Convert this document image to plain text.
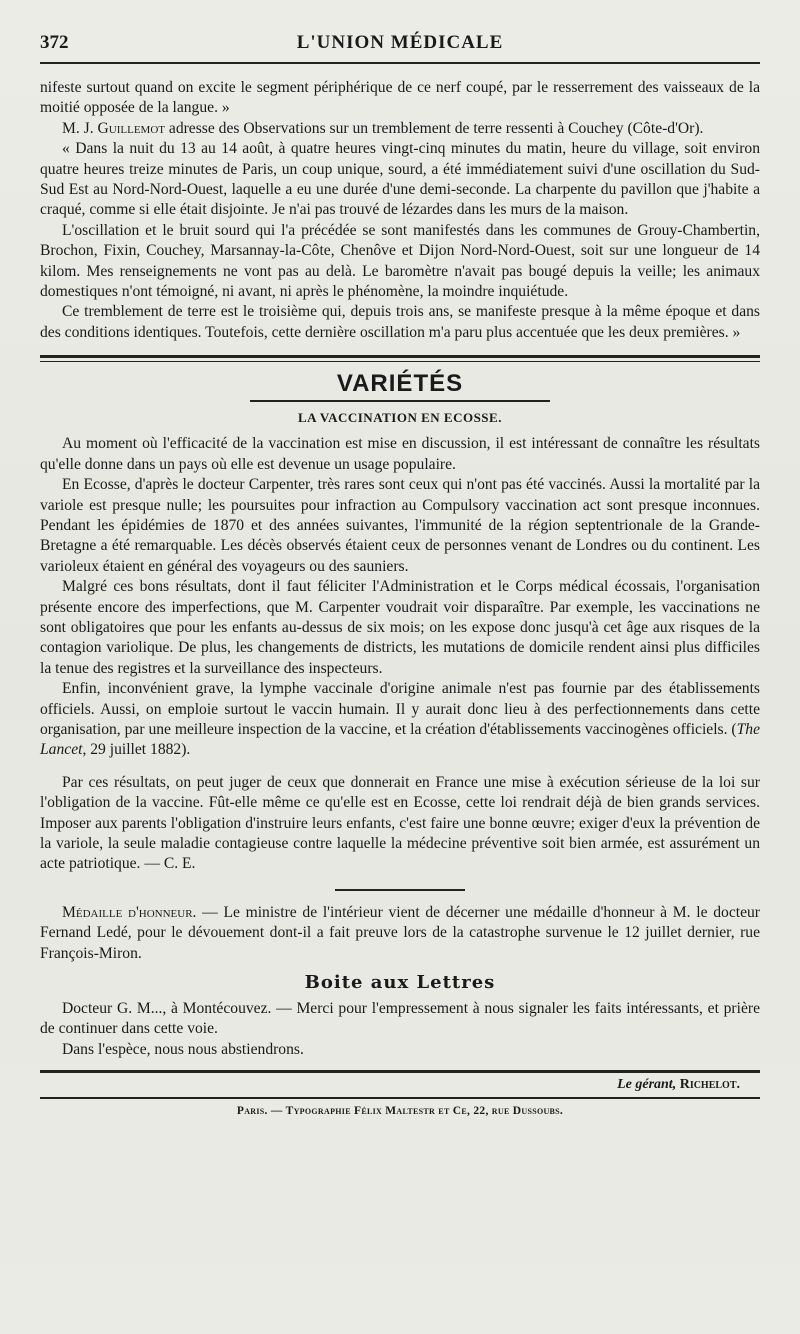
372	L'UNION MÉDICALE

nifeste surtout quand on excite le segment périphérique de ce nerf coupé, par le resserrement des vaisseaux de la moitié opposée de la langue. »

M. J. Guillemot adresse des Observations sur un tremblement de terre ressenti à Couchey (Côte-d'Or).

« Dans la nuit du 13 au 14 août, à quatre heures vingt-cinq minutes du matin, heure du village, soit environ quatre heures treize minutes de Paris, un coup unique, sourd, a été immédiatement suivi d'une oscillation du Sud-Sud Est au Nord-Nord-Ouest, laquelle a eu une durée d'une demi-seconde. La charpente du pavillon que j'habite a craqué, comme si elle était disjointe. Je n'ai pas trouvé de lézardes dans les murs de la maison.

L'oscillation et le bruit sourd qui l'a précédée se sont manifestés dans les communes de Grouy-Chambertin, Brochon, Fixin, Couchey, Marsannay-la-Côte, Chenôve et Dijon Nord-Nord-Ouest, soit sur une longueur de 14 kilom. Mes renseignements ne vont pas au delà. Le baromètre n'avait pas bougé depuis la veille; les animaux domestiques n'ont témoigné, ni avant, ni après le phénomène, la moindre inquiétude.

Ce tremblement de terre est le troisième qui, depuis trois ans, se manifeste presque à la même époque et dans des conditions identiques. Toutefois, cette dernière oscillation m'a paru plus accentuée que les deux premières. »

VARIÉTÉS
LA VACCINATION EN ECOSSE.

Au moment où l'efficacité de la vaccination est mise en discussion, il est intéressant de connaître les résultats qu'elle donne dans un pays où elle est devenue un usage populaire.

En Ecosse, d'après le docteur Carpenter, très rares sont ceux qui n'ont pas été vaccinés. Aussi la mortalité par la variole est presque nulle; les poursuites pour infraction au Compulsory vaccination act sont presque inconnues. Pendant les épidémies de 1870 et des années suivantes, l'immunité de la région septentrionale de la Grande-Bretagne a été remarquable. Les décès observés étaient ceux de personnes venant de Londres ou du continent. Les varioleux étaient en général des voyageurs ou des sauniers.

Malgré ces bons résultats, dont il faut féliciter l'Administration et le Corps médical écossais, l'organisation présente encore des imperfections, que M. Carpenter voudrait voir disparaître. Par exemple, les vaccinations ne sont obligatoires que pour les enfants au-dessus de six mois; on les expose donc jusqu'à cet âge aux risques de la contagion variolique. De plus, les changements de districts, les mutations de domicile rendent ainsi plus difficiles la tenue des registres et la surveillance des inspecteurs.

Enfin, inconvénient grave, la lymphe vaccinale d'origine animale n'est pas fournie par des établissements officiels. Aussi, on emploie surtout le vaccin humain. Il y aurait donc lieu à des perfectionnements dans cette organisation, par une meilleure inspection de la vaccine, et la création d'établissements vaccinogènes officiels. (The Lancet, 29 juillet 1882).

Par ces résultats, on peut juger de ceux que donnerait en France une mise à exécution sérieuse de la loi sur l'obligation de la vaccine. Fût-elle même ce qu'elle est en Ecosse, cette loi rendrait déjà de bien grands services. Imposer aux parents l'obligation d'instruire leurs enfants, c'est faire une bonne œuvre; exiger d'eux la prévention de la variole, la seule maladie contagieuse contre laquelle la médecine préventive soit bien armée, est assurément un acte patriotique. — C. E.

Médaille d'honneur. — Le ministre de l'intérieur vient de décerner une médaille d'honneur à M. le docteur Fernand Ledé, pour le dévouement dont-il a fait preuve lors de la catastrophe survenue le 12 juillet dernier, rue François-Miron.

Boite aux Lettres

Docteur G. M..., à Montécouvez. — Merci pour l'empressement à nous signaler les faits intéressants, et prière de continuer dans cette voie.

Dans l'espèce, nous nous abstiendrons.

Le gérant, Richelot.
Paris. — Typographie Félix Maltestr et Ce, 22, rue Dussoubs.
